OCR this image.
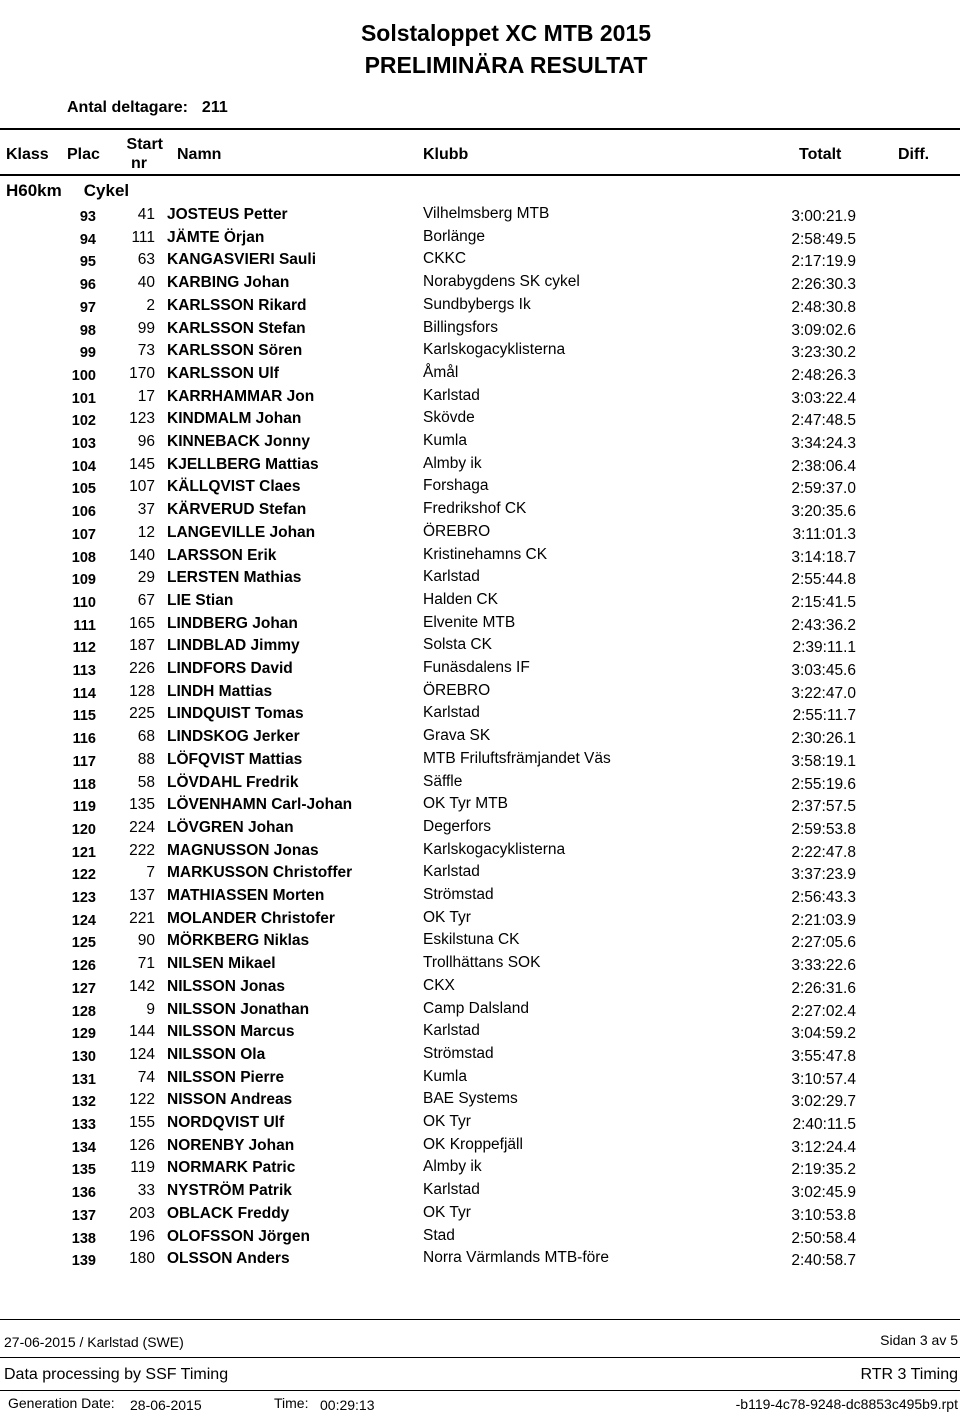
Solstaloppet XC MTB 2015
PRELIMINÄRA RESULTAT
Antal deltagare: 211
Klass Plac
Start
nr
Namn	Klubb	Totalt	Diff.
H60km Cykel
93	41 JOSTEUS Petter	Vilhelmsberg MTB	3:00:21.9
94	111 JÄMTE Örjan	Borlänge	2:58:49.5
95	63 KANGASVIERI Sauli	CKKC	2:17:19.9
96	40 KARBING Johan	Norabygdens SK cykel	2:26:30.3
97	2 KARLSSON Rikard	Sundbybergs Ik	2:48:30.8
98	99 KARLSSON Stefan	Billingsfors	3:09:02.6
99	73 KARLSSON Sören	Karlskogacyklisterna	3:23:30.2
100	170 KARLSSON Ulf	Åmål	2:48:26.3
101	17 KARRHAMMAR Jon	Karlstad	3:03:22.4
102	123 KINDMALM Johan	Skövde	2:47:48.5
103	96 KINNEBACK Jonny	Kumla	3:34:24.3
104	145 KJELLBERG Mattias	Almby ik	2:38:06.4
105	107 KÄLLQVIST Claes	Forshaga	2:59:37.0
106	37 KÄRVERUD Stefan	Fredrikshof CK	3:20:35.6
107	12 LANGEVILLE Johan	ÖREBRO	3:11:01.3
108	140 LARSSON Erik	Kristinehamns CK	3:14:18.7
109	29 LERSTEN Mathias	Karlstad	2:55:44.8
110	67 LIE Stian	Halden CK	2:15:41.5
111	165 LINDBERG Johan	Elvenite MTB	2:43:36.2
112	187 LINDBLAD Jimmy	Solsta CK	2:39:11.1
113	226 LINDFORS David	Funäsdalens IF	3:03:45.6
114	128 LINDH Mattias	ÖREBRO	3:22:47.0
115	225 LINDQUIST Tomas	Karlstad	2:55:11.7
116	68 LINDSKOG Jerker	Grava SK	2:30:26.1
117	88 LÖFQVIST Mattias	MTB Friluftsfrämjandet Väs	3:58:19.1
118	58 LÖVDAHL Fredrik	Säffle	2:55:19.6
119	135 LÖVENHAMN Carl-Johan	OK Tyr MTB	2:37:57.5
120	224 LÖVGREN Johan	Degerfors	2:59:53.8
121	222 MAGNUSSON Jonas	Karlskogacyklisterna	2:22:47.8
122	7 MARKUSSON Christoffer	Karlstad	3:37:23.9
123	137 MATHIASSEN Morten	Strömstad	2:56:43.3
124	221 MOLANDER Christofer	OK Tyr	2:21:03.9
125	90 MÖRKBERG Niklas	Eskilstuna CK	2:27:05.6
126	71 NILSEN Mikael	Trollhättans SOK	3:33:22.6
127	142 NILSSON Jonas	CKX	2:26:31.6
128	9 NILSSON Jonathan	Camp Dalsland	2:27:02.4
129	144 NILSSON Marcus	Karlstad	3:04:59.2
130	124 NILSSON Ola	Strömstad	3:55:47.8
131	74 NILSSON Pierre	Kumla	3:10:57.4
132	122 NISSON Andreas	BAE Systems	3:02:29.7
133	155 NORDQVIST Ulf	OK Tyr	2:40:11.5
134	126 NORENBY Johan	OK Kroppefjäll	3:12:24.4
135	119 NORMARK Patric	Almby ik	2:19:35.2
136	33 NYSTRÖM Patrik	Karlstad	3:02:45.9
137	203 OBLACK Freddy	OK Tyr	3:10:53.8
138	196 OLOFSSON Jörgen	Stad	2:50:58.4
139	180 OLSSON Anders	Norra Värmlands MTB-före	2:40:58.7
27-06-2015 / Karlstad (SWE)	Sidan 3 av 5
Data processing by SSF Timing	RTR 3 Timing
Generation Date: 28-06-2015	Time: 00:29:13	-b119-4c78-9248-dc8853c495b9.rpt
